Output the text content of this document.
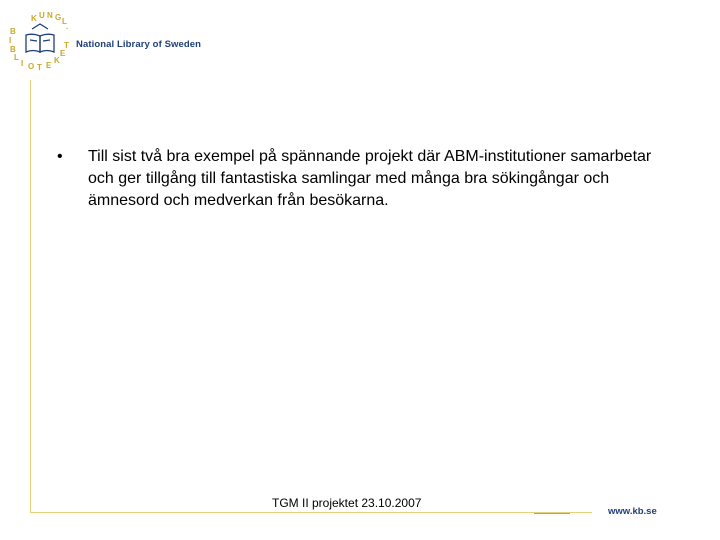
K U N G L
·
B
I
B
L
I O T E
K
E
T National Library of Sweden
• Till sist två bra exempel på spännande projekt där ABM-institutioner samarbetar och ger tillgång till fantastiska samlingar med många bra sökingångar och ämnesord och medverkan från besökarna.
TGM II projektet 23.10.2007
www.kb.se
